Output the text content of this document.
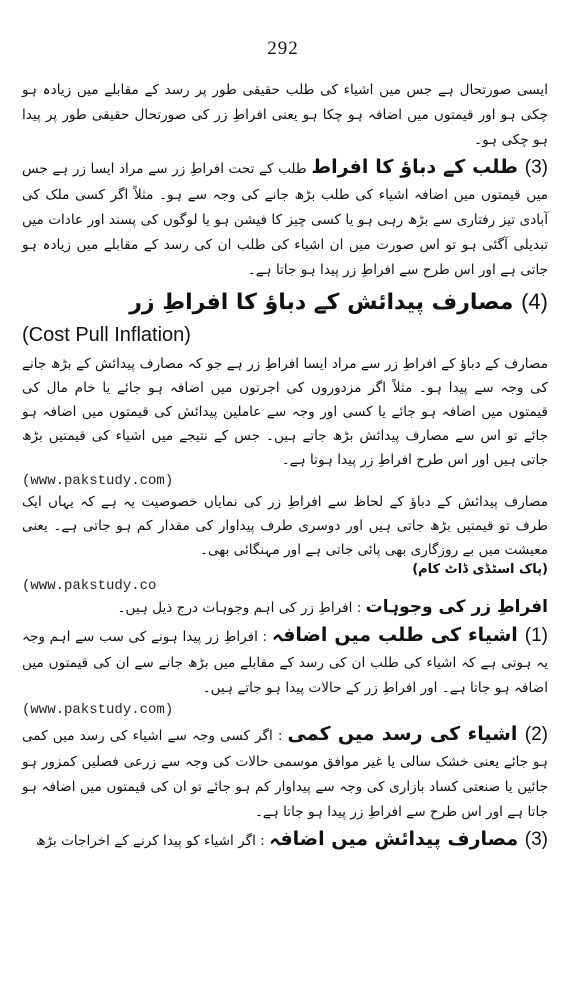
292

ایسی صورتحال ہے جس میں اشیاء کی طلب حقیقی طور پر رسد کے مقابلے میں زیادہ ہو چکی ہو اور قیمتوں میں اضافہ ہو چکا ہو یعنی افراطِ زر کی صورتحال حقیقی طور پر پیدا ہو چکی ہو۔

(3) طلب کے دباؤ کا افراط طلب کے تحت افراطِ زر سے مراد ایسا زر ہے جس میں قیمتوں میں اضافہ اشیاء کی طلب بڑھ جانے کی وجہ سے ہو۔ مثلاً اگر کسی ملک کی آبادی تیز رفتاری سے بڑھ رہی ہو یا کسی چیز کا فیشن ہو یا لوگوں کی پسند اور عادات میں تبدیلی آگئی ہو تو اس صورت میں ان اشیاء کی طلب ان کی رسد کے مقابلے میں زیادہ ہو جاتی ہے اور اس طرح سے افراطِ زر پیدا ہو جاتا ہے۔

(4) مصارف پیدائش کے دباؤ کا افراطِ زر
(Cost Pull Inflation)

مصارف کے دباؤ کے افراطِ زر سے مراد ایسا افراطِ زر ہے جو کہ مصارف پیدائش کے بڑھ جانے کی وجہ سے پیدا ہو۔ مثلاً اگر مزدوروں کی اجرتوں میں اضافہ ہو جائے یا خام مال کی قیمتوں میں اضافہ ہو جائے یا کسی اور وجہ سے عاملین پیدائش کی قیمتوں میں اضافہ ہو جائے تو اس سے مصارف پیدائش بڑھ جاتے ہیں۔ جس کے نتیجے میں اشیاء کی قیمتیں بڑھ جاتی ہیں اور اس طرح افراطِ زر پیدا ہوتا ہے۔

(www.pakstudy.com)

مصارف پیدائش کے دباؤ کے لحاظ سے افراطِ زر کی نمایاں خصوصیت یہ ہے کہ یہاں ایک طرف تو قیمتیں بڑھ جاتی ہیں اور دوسری طرف پیداوار کی مقدار کم ہو جاتی ہے۔ یعنی معیشت میں بے روزگاری بھی پائی جاتی ہے اور مہنگائی بھی۔

(پاک اسٹڈی ڈاٹ کام)
(www.pakstudy.co

افراطِ زر کی وجوہات : افراطِ زر کی اہم وجوہات درج ذیل ہیں۔

(1) اشیاء کی طلب میں اضافہ : افراطِ زر پیدا ہونے کی سب سے اہم وجہ یہ ہوتی ہے کہ اشیاء کی طلب ان کی رسد کے مقابلے میں بڑھ جانے سے ان کی قیمتوں میں اضافہ ہو جاتا ہے۔ اور افراطِ زر کے حالات پیدا ہو جاتے ہیں۔

(www.pakstudy.com)

(2) اشیاء کی رسد میں کمی : اگر کسی وجہ سے اشیاء کی رسد میں کمی ہو جائے یعنی خشک سالی یا غیر موافق موسمی حالات کی وجہ سے زرعی فصلیں کمزور ہو جائیں یا صنعتی کساد بازاری کی وجہ سے پیداوار کم ہو جائے تو ان کی قیمتوں میں اضافہ ہو جاتا ہے اور اس طرح سے افراطِ زر پیدا ہو جاتا ہے۔

(3) مصارف پیدائش میں اضافہ : اگر اشیاء کو پیدا کرنے کے اخراجات بڑھ
